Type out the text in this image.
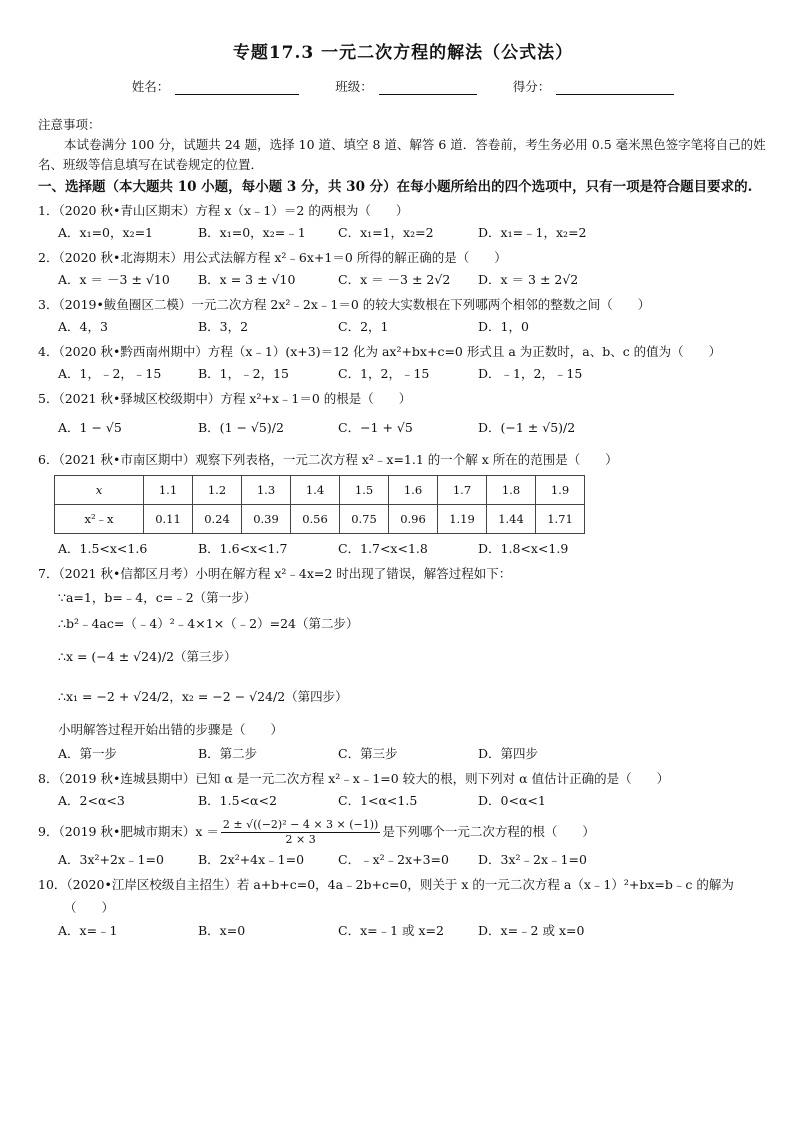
专题17.3 一元二次方程的解法（公式法）
姓名：	班级：	得分：

注意事项：

本试卷满分 100 分，试题共 24 题，选择 10 道、填空 8 道、解答 6 道．答卷前，考生务必用 0.5 毫米黑色签字笔将自己的姓名、班级等信息填写在试卷规定的位置．

一、选择题（本大题共 10 小题，每小题 3 分，共 30 分）在每小题所给出的四个选项中，只有一项是符合题目要求的.

1．（2020 秋•青山区期末）方程 x（x﹣1）＝2 的两根为（　　）

A．x₁=0，x₂=1	B．x₁=0，x₂=﹣1	C．x₁=1，x₂=2	D．x₁=﹣1，x₂=2

2．（2020 秋•北海期末）用公式法解方程 x²﹣6x+1＝0 所得的解正确的是（　　）

A．x ＝ －3 ± √10	B．x = 3 ± √10	C．x ＝ －3 ± 2√2	D．x ＝ 3 ± 2√2

3．（2019•鲅鱼圈区二模）一元二次方程 2x²﹣2x﹣1＝0 的较大实数根在下列哪两个相邻的整数之间（　　）

A．4，3	B．3，2	C．2，1	D．1，0

4．（2020 秋•黔西南州期中）方程（x﹣1）(x+3)＝12 化为 ax²+bx+c=0 形式且 a 为正数时，a、b、c 的值为（　　）

A．1，﹣2，﹣15	B．1，﹣2，15	C．1，2，﹣15	D．﹣1，2，﹣15

5．（2021 秋•驿城区校级期中）方程 x²+x﹣1＝0 的根是（　　）

A．1 − √5	B．(1 − √5)/2	C．−1 + √5	D．(−1 ± √5)/2

6．（2021 秋•市南区期中）观察下列表格，一元二次方程 x²﹣x=1.1 的一个解 x 所在的范围是（　　）

x	1.1	1.2	1.3	1.4	1.5	1.6	1.7	1.8	1.9
x²﹣x	0.11	0.24	0.39	0.56	0.75	0.96	1.19	1.44	1.71
A．1.5<x<1.6	B．1.6<x<1.7	C．1.7<x<1.8	D．1.8<x<1.9

7．（2021 秋•信都区月考）小明在解方程 x²﹣4x=2 时出现了错误，解答过程如下：

∵a=1，b=﹣4，c=﹣2（第一步）

∴b²﹣4ac=（﹣4）²﹣4×1×（﹣2）=24（第二步）

∴x = (−4 ± √24)/2（第三步）

∴x₁ = −2 + √24/2，x₂ = −2 − √24/2（第四步）

小明解答过程开始出错的步骤是（　　）

A．第一步	B．第二步	C．第三步	D．第四步

8．（2019 秋•连城县期中）已知 α 是一元二次方程 x²﹣x﹣1=0 较大的根，则下列对 α 值估计正确的是（　　）

A．2<α<3	B．1.5<α<2	C．1<α<1.5	D．0<α<1

9．（2019 秋•肥城市期末）$x = \frac{\text{2 ± √((−2)² − 4 × 3 × (−1))}}{2 \times 3}$ 是下列哪个一元二次方程的根（　　）

A．3x²+2x﹣1=0	B．2x²+4x﹣1=0	C．﹣x²﹣2x+3=0	D．3x²﹣2x﹣1=0

10．（2020•江岸区校级自主招生）若 a+b+c=0，4a﹣2b+c=0，则关于 x 的一元二次方程 a（x﹣1）²+bx=b﹣c 的解为

（　　）

A．x=﹣1	B．x=0	C．x=﹣1 或 x=2	D．x=﹣2 或 x=0
